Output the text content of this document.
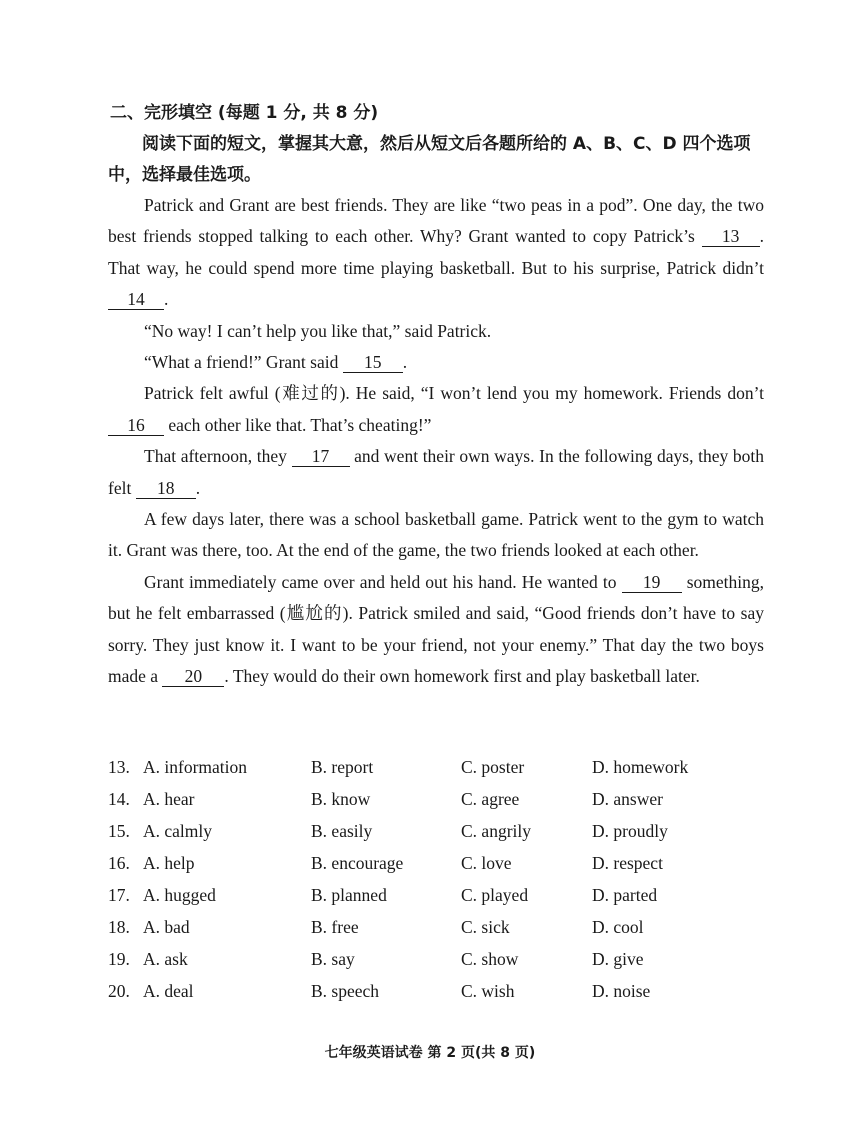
二、完形填空 (每题 1 分, 共 8 分)

阅读下面的短文，掌握其大意，然后从短文后各题所给的 A、B、C、D 四个选项中，选择最佳选项。

Patrick and Grant are best friends. They are like “two peas in a pod”. One day, the two best friends stopped talking to each other. Why? Grant wanted to copy Patrick’s 13 . That way, he could spend more time playing basketball. But to his surprise, Patrick didn’t 14 .

“No way! I can’t help you like that,” said Patrick.

“What a friend!” Grant said 15 .

Patrick felt awful (难过的). He said, “I won’t lend you my homework. Friends don’t 16 each other like that. That’s cheating!”

That afternoon, they 17 and went their own ways. In the following days, they both felt 18 .

A few days later, there was a school basketball game. Patrick went to the gym to watch it. Grant was there, too. At the end of the game, the two friends looked at each other.

Grant immediately came over and held out his hand. He wanted to 19 something, but he felt embarrassed (尴尬的). Patrick smiled and said, “Good friends don’t have to say sorry. They just know it. I want to be your friend, not your enemy.” That day the two boys made a 20 . They would do their own homework first and play basketball later.

13. A. information	B. report	C. poster	D. homework
14. A. hear	B. know	C. agree	D. answer
15. A. calmly	B. easily	C. angrily	D. proudly
16. A. help	B. encourage	C. love	D. respect
17. A. hugged	B. planned	C. played	D. parted
18. A. bad	B. free	C. sick	D. cool
19. A. ask	B. say	C. show	D. give
20. A. deal	B. speech	C. wish	D. noise
七年级英语试卷 第 2 页(共 8 页)
